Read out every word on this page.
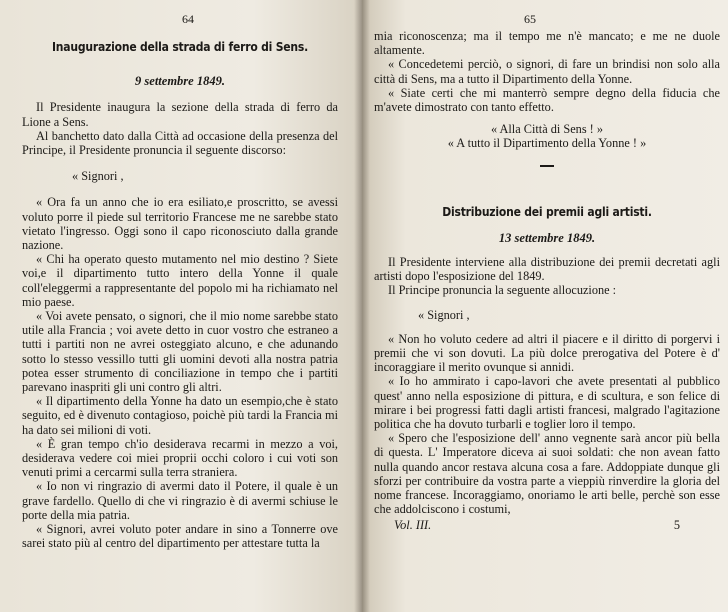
64

Inaugurazione della strada di ferro di Sens.

9 settembre 1849.

Il Presidente inaugura la sezione della strada di ferro da Lione a Sens.

Al banchetto dato dalla Città ad occasione della presenza del Principe, il Presidente pronuncia il seguente discorso:

« Signori ,

« Ora fa un anno che io era esiliato,e proscritto, se avessi voluto porre il piede sul territorio Francese me ne sarebbe stato vietato l'ingresso. Oggi sono il capo riconosciuto dalla grande nazione.

« Chi ha operato questo mutamento nel mio destino ? Siete voi,e il dipartimento tutto intero della Yonne il quale coll'eleggermi a rappresentante del popolo mi ha richiamato nel mio paese.

« Voi avete pensato, o signori, che il mio nome sarebbe stato utile alla Francia ; voi avete detto in cuor vostro che estraneo a tutti i partiti non ne avrei osteggiato alcuno, e che adunando sotto lo stesso vessillo tutti gli uomini devoti alla nostra patria potea esser strumento di conciliazione in tempo che i partiti parevano inaspriti gli uni contro gli altri.

« Il dipartimento della Yonne ha dato un esempio,che è stato seguito, ed è divenuto contagioso, poichè più tardi la Francia mi ha dato sei milioni di voti.

« È gran tempo ch'io desiderava recarmi in mezzo a voi, desiderava vedere coi miei proprii occhi coloro i cui voti son venuti primi a cercarmi sulla terra straniera.

« Io non vi ringrazio di avermi dato il Potere, il quale è un grave fardello. Quello di che vi ringrazio è di avermi schiuse le porte della mia patria.

« Signori, avrei voluto poter andare in sino a Tonnerre ove sarei stato più al centro del dipartimento per attestare tutta la

65

mia riconoscenza; ma il tempo me n'è mancato; e me ne duole altamente.

« Concedetemi perciò, o signori, di fare un brindisi non solo alla città di Sens, ma a tutto il Dipartimento della Yonne.

« Siate certi che mi manterrò sempre degno della fiducia che m'avete dimostrato con tanto effetto.

« Alla Città di Sens ! »

« A tutto il Dipartimento della Yonne ! »

Distribuzione dei premii agli artisti.

13 settembre 1849.

Il Presidente interviene alla distribuzione dei premii decretati agli artisti dopo l'esposizione del 1849.

Il Principe pronuncia la seguente allocuzione :

« Signori ,

« Non ho voluto cedere ad altri il piacere e il diritto di porgervi i premii che vi son dovuti. La più dolce prerogativa del Potere è d' incoraggiare il merito ovunque si annidi.

« Io ho ammirato i capo-lavori che avete presentati al pubblico quest' anno nella esposizione di pittura, e di scultura, e son felice di mirare i bei progressi fatti dagli artisti francesi, malgrado l'agitazione politica che ha dovuto turbarli e toglier loro il tempo.

« Spero che l'esposizione dell' anno vegnente sarà ancor più bella di questa. L' Imperatore diceva ai suoi soldati: che non avean fatto nulla quando ancor restava alcuna cosa a fare. Addoppiate dunque gli sforzi per contribuire da vostra parte a vieppiù rinverdire la gloria del nome francese. Incoraggiamo, onoriamo le arti belle, perchè son esse che addolciscono i costumi,

Vol. III.	5
